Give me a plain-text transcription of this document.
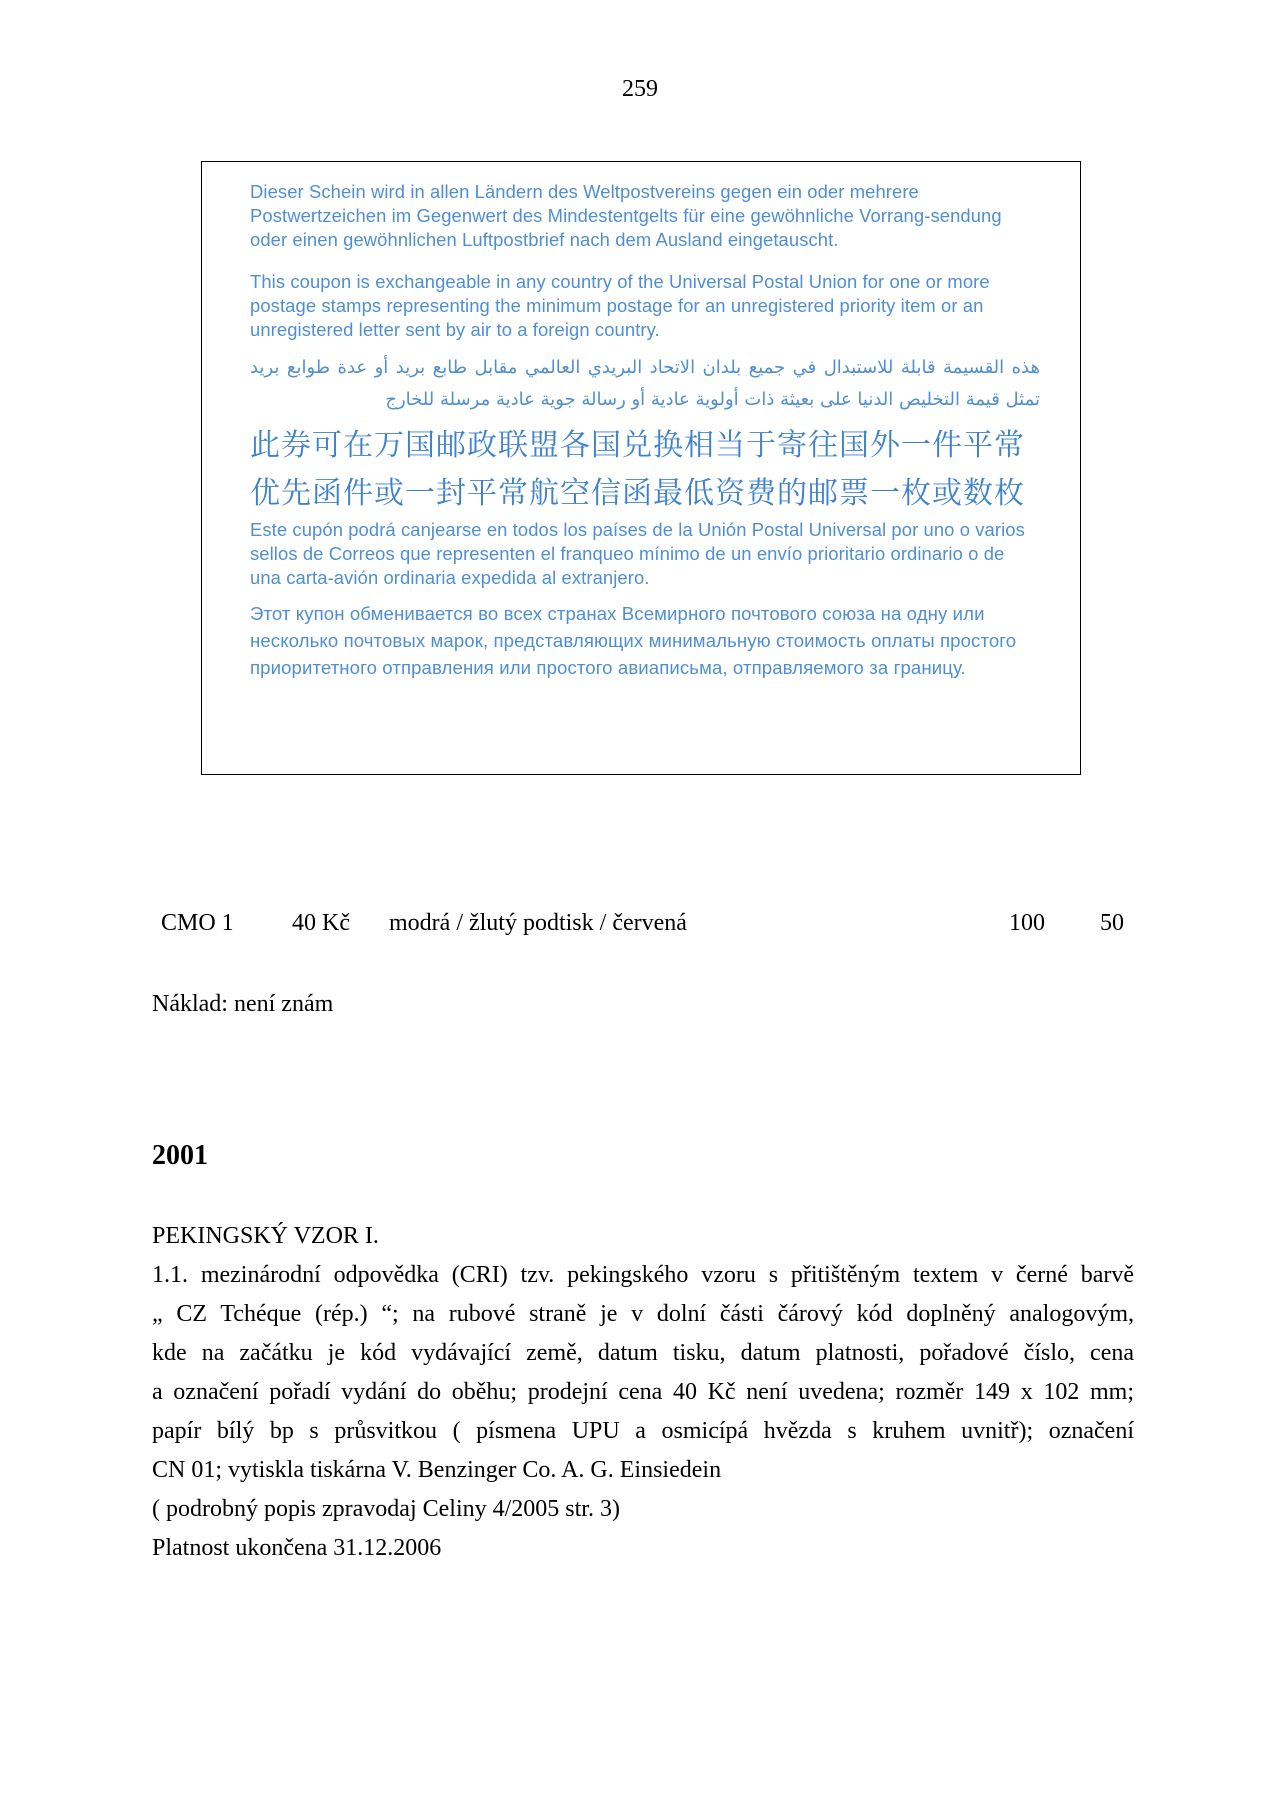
259

Dieser Schein wird in allen Ländern des Weltpostvereins gegen ein oder mehrere Postwertzeichen im Gegenwert des Mindestentgelts für eine gewöhnliche Vorrang-sendung oder einen gewöhnlichen Luftpostbrief nach dem Ausland eingetauscht.

This coupon is exchangeable in any country of the Universal Postal Union for one or more postage stamps representing the minimum postage for an unregistered priority item or an unregistered letter sent by air to a foreign country.

هذه القسيمة قابلة للاستبدال في جميع بلدان الاتحاد البريدي العالمي مقابل طابع بريد أو عدة طوابع بريد تمثل قيمة التخليص الدنيا على بعيثة ذات أولوية عادية أو رسالة جوية عادية مرسلة للخارج

此券可在万国邮政联盟各国兑换相当于寄往国外一件平常优先函件或一封平常航空信函最低资费的邮票一枚或数枚

Este cupón podrá canjearse en todos los países de la Unión Postal Universal por uno o varios sellos de Correos que representen el franqueo mínimo de un envío prioritario ordinario o de una carta-avión ordinaria expedida al extranjero.

Этот купон обменивается во всех странах Всемирного почтового союза на одну или несколько почтовых марок, представляющих минимальную стоимость оплаты простого приоритетного отправления или простого авиаписьма, отправляемого за границу.

CMO 1 40 Kč modrá / žlutý podtisk / červená	100 50
Náklad: není znám
2001

PEKINGSKÝ VZOR I.

1.1. mezinárodní odpovědka (CRI) tzv. pekingského vzoru s přitištěným textem v černé barvě

„ CZ Tchéque (rép.) “; na rubové straně je v dolní části čárový kód doplněný analogovým,

kde na začátku je kód vydávající země, datum tisku, datum platnosti, pořadové číslo, cena

a označení pořadí vydání do oběhu; prodejní cena 40 Kč není uvedena; rozměr 149 x 102 mm;

papír bílý bp s průsvitkou ( písmena UPU a osmicípá hvězda s kruhem uvnitř); označení

CN 01; vytiskla tiskárna V. Benzinger Co. A. G. Einsiedein

( podrobný popis zpravodaj Celiny 4/2005 str. 3)

Platnost ukončena 31.12.2006
